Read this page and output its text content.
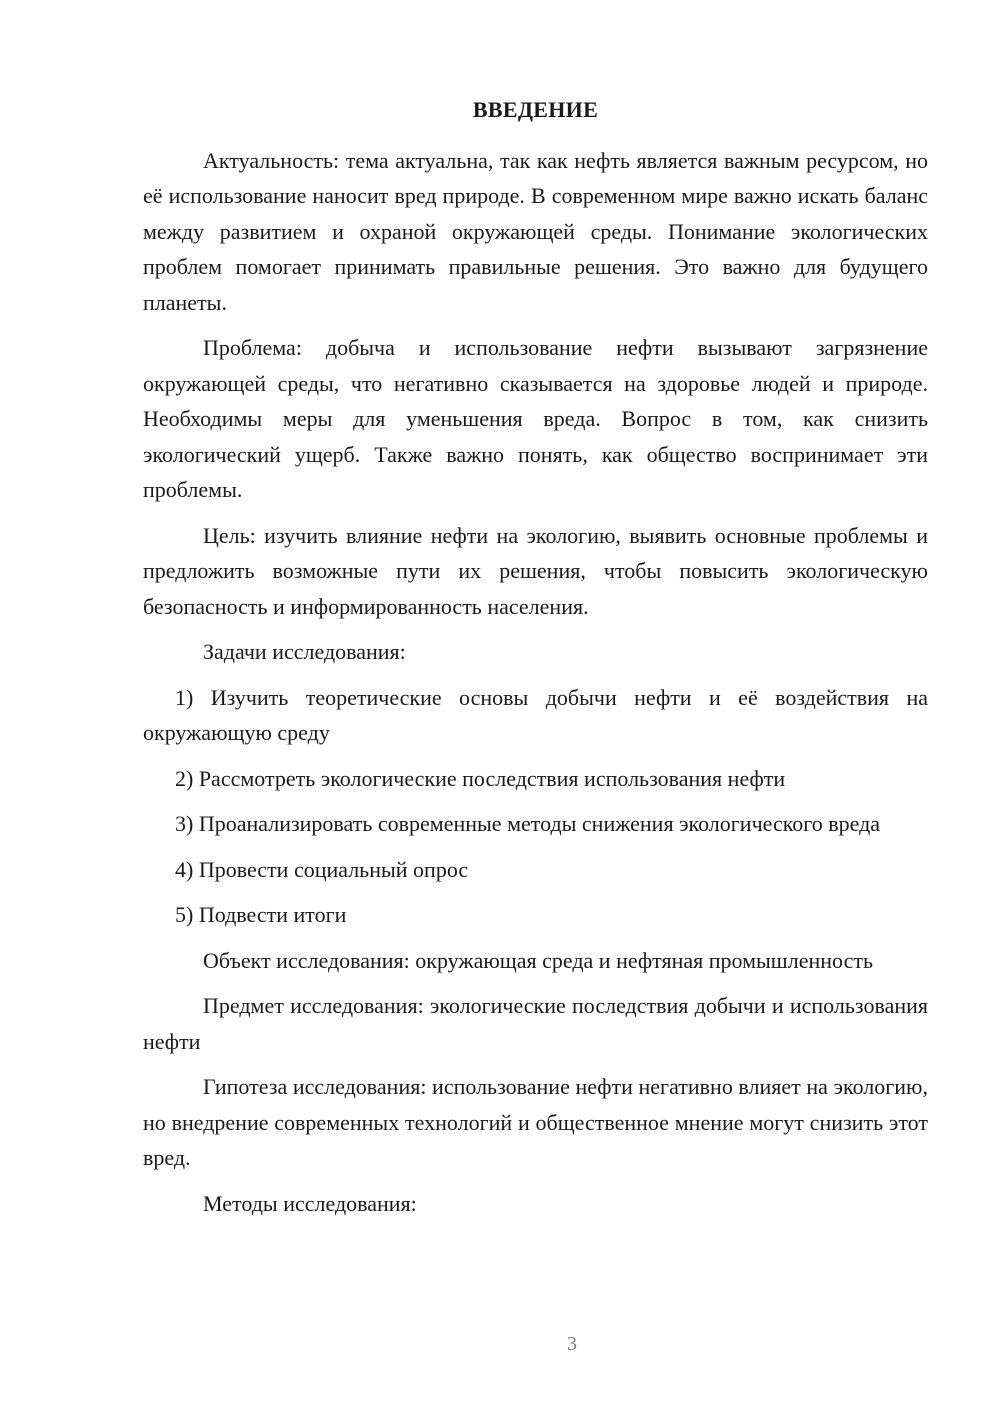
ВВЕДЕНИЕ

Актуальность: тема актуальна, так как нефть является важным ресурсом, но её использование наносит вред природе. В современном мире важно искать баланс между развитием и охраной окружающей среды. Понимание экологических проблем помогает принимать правильные решения. Это важно для будущего планеты.

Проблема: добыча и использование нефти вызывают загрязнение окружающей среды, что негативно сказывается на здоровье людей и природе. Необходимы меры для уменьшения вреда. Вопрос в том, как снизить экологический ущерб. Также важно понять, как общество воспринимает эти проблемы.

Цель: изучить влияние нефти на экологию, выявить основные проблемы и предложить возможные пути их решения, чтобы повысить экологическую безопасность и информированность населения.

Задачи исследования:

1) Изучить теоретические основы добычи нефти и её воздействия на окружающую среду

2) Рассмотреть экологические последствия использования нефти

3) Проанализировать современные методы снижения экологического вреда

4) Провести социальный опрос

5) Подвести итоги

Объект исследования: окружающая среда и нефтяная промышленность

Предмет исследования: экологические последствия добычи и использования нефти

Гипотеза исследования: использование нефти негативно влияет на экологию, но внедрение современных технологий и общественное мнение могут снизить этот вред.

Методы исследования:

3
